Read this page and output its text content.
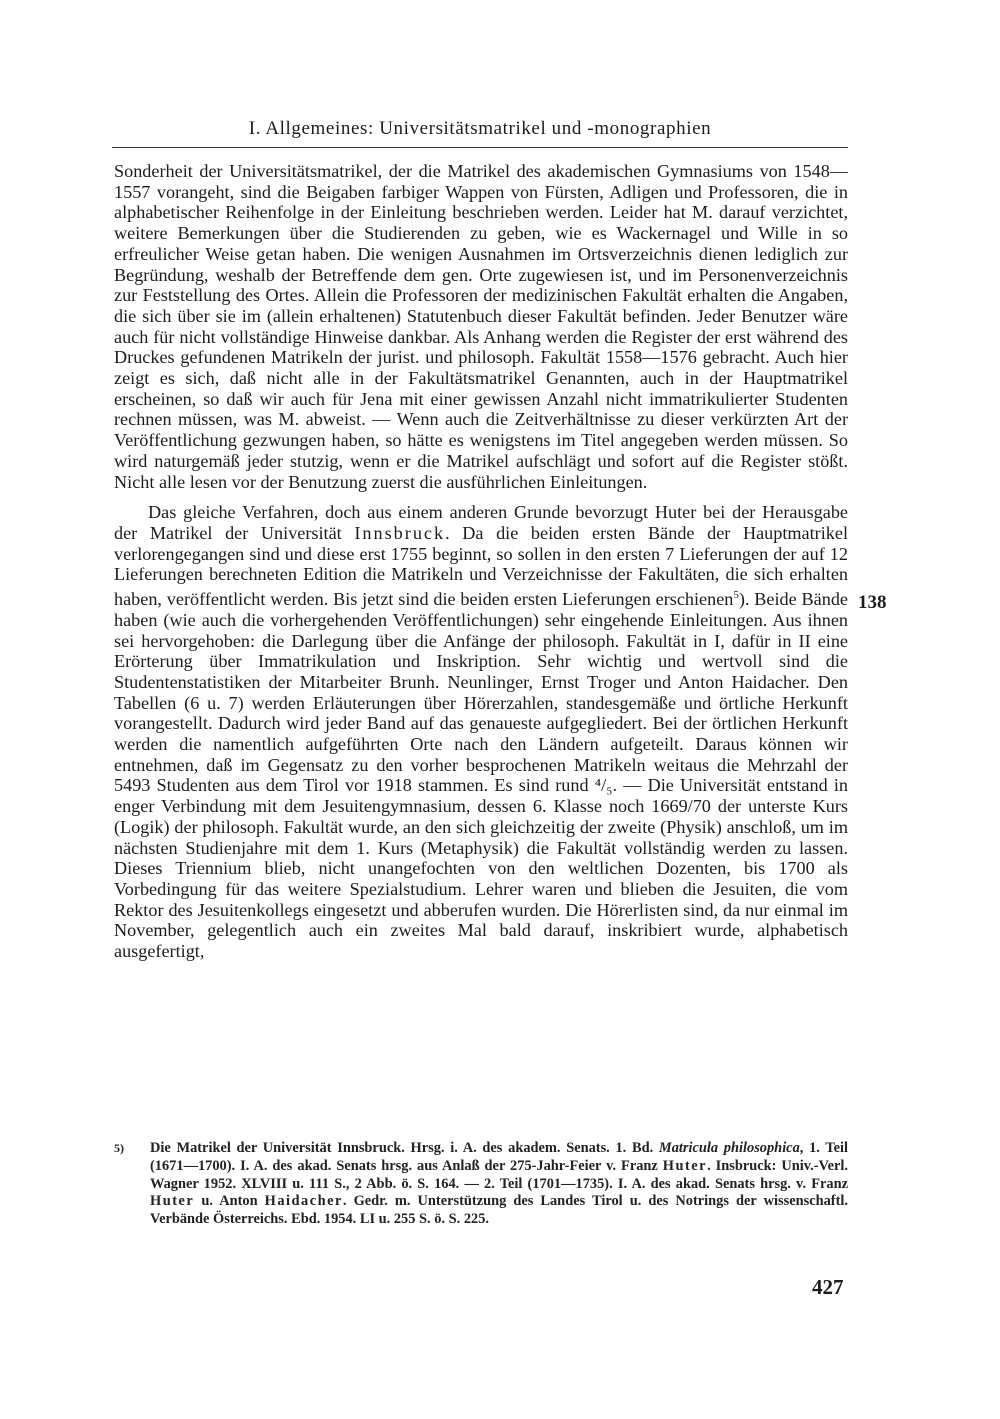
I. Allgemeines: Universitätsmatrikel und -monographien

Sonderheit der Universitätsmatrikel, der die Matrikel des akademischen Gymnasiums von 1548—1557 vorangeht, sind die Beigaben farbiger Wappen von Fürsten, Adligen und Professoren, die in alphabetischer Reihenfolge in der Einleitung beschrieben werden. Leider hat M. darauf verzichtet, weitere Bemerkungen über die Studierenden zu geben, wie es Wackernagel und Wille in so erfreulicher Weise getan haben. Die wenigen Ausnahmen im Ortsverzeichnis dienen lediglich zur Begründung, weshalb der Betreffende dem gen. Orte zugewiesen ist, und im Personenverzeichnis zur Feststellung des Ortes. Allein die Professoren der medizinischen Fakultät erhalten die Angaben, die sich über sie im (allein erhaltenen) Statutenbuch dieser Fakultät befinden. Jeder Benutzer wäre auch für nicht vollständige Hinweise dankbar. Als Anhang werden die Register der erst während des Druckes gefundenen Matrikeln der jurist. und philosoph. Fakultät 1558—1576 gebracht. Auch hier zeigt es sich, daß nicht alle in der Fakultätsmatrikel Genannten, auch in der Hauptmatrikel erscheinen, so daß wir auch für Jena mit einer gewissen Anzahl nicht immatrikulierter Studenten rechnen müssen, was M. abweist. — Wenn auch die Zeitverhältnisse zu dieser verkürzten Art der Veröffentlichung gezwungen haben, so hätte es wenigstens im Titel angegeben werden müssen. So wird naturgemäß jeder stutzig, wenn er die Matrikel aufschlägt und sofort auf die Register stößt. Nicht alle lesen vor der Benutzung zuerst die ausführlichen Einleitungen.

Das gleiche Verfahren, doch aus einem anderen Grunde bevorzugt Huter bei der Herausgabe der Matrikel der Universität Innsbruck. Da die beiden ersten Bände der Hauptmatrikel verlorengegangen sind und diese erst 1755 beginnt, so sollen in den ersten 7 Lieferungen der auf 12 Lieferungen berechneten Edition die Matrikeln und Verzeichnisse der Fakultäten, die sich erhalten haben, veröffentlicht werden. Bis jetzt sind die beiden ersten Lieferungen erschienen$^5$). Beide Bände haben (wie auch die vorhergehenden Veröffentlichungen) sehr eingehende Einleitungen. Aus ihnen sei hervorgehoben: die Darlegung über die Anfänge der philosoph. Fakultät in I, dafür in II eine Erörterung über Immatrikulation und Inskription. Sehr wichtig und wertvoll sind die Studentenstatistiken der Mitarbeiter Brunh. Neunlinger, Ernst Troger und Anton Haidacher. Den Tabellen (6 u. 7) werden Erläuterungen über Hörerzahlen, standesgemäße und örtliche Herkunft vorangestellt. Dadurch wird jeder Band auf das genaueste aufgegliedert. Bei der örtlichen Herkunft werden die namentlich aufgeführten Orte nach den Ländern aufgeteilt. Daraus können wir entnehmen, daß im Gegensatz zu den vorher besprochenen Matrikeln weitaus die Mehrzahl der 5493 Studenten aus dem Tirol vor 1918 stammen. Es sind rund ⁴/₅. — Die Universität entstand in enger Verbindung mit dem Jesuitengymnasium, dessen 6. Klasse noch 1669/70 der unterste Kurs (Logik) der philosoph. Fakultät wurde, an den sich gleichzeitig der zweite (Physik) anschloß, um im nächsten Studienjahre mit dem 1. Kurs (Metaphysik) die Fakultät vollständig werden zu lassen. Dieses Triennium blieb, nicht unangefochten von den weltlichen Dozenten, bis 1700 als Vorbedingung für das weitere Spezialstudium. Lehrer waren und blieben die Jesuiten, die vom Rektor des Jesuitenkollegs eingesetzt und abberufen wurden. Die Hörerlisten sind, da nur einmal im November, gelegentlich auch ein zweites Mal bald darauf, inskribiert wurde, alphabetisch ausgefertigt,

138
5)	Die Matrikel der Universität Innsbruck. Hrsg. i. A. des akadem. Senats. 1. Bd. Matricula philosophica, 1. Teil (1671—1700). I. A. des akad. Senats hrsg. aus Anlaß der 275-Jahr-Feier v. Franz Huter. Insbruck: Univ.-Verl. Wagner 1952. XLVIII u. 111 S., 2 Abb. ö. S. 164. — 2. Teil (1701—1735). I. A. des akad. Senats hrsg. v. Franz Huter u. Anton Haidacher. Gedr. m. Unterstützung des Landes Tirol u. des Notrings der wissenschaftl. Verbände Österreichs. Ebd. 1954. LI u. 255 S. ö. S. 225.
427
